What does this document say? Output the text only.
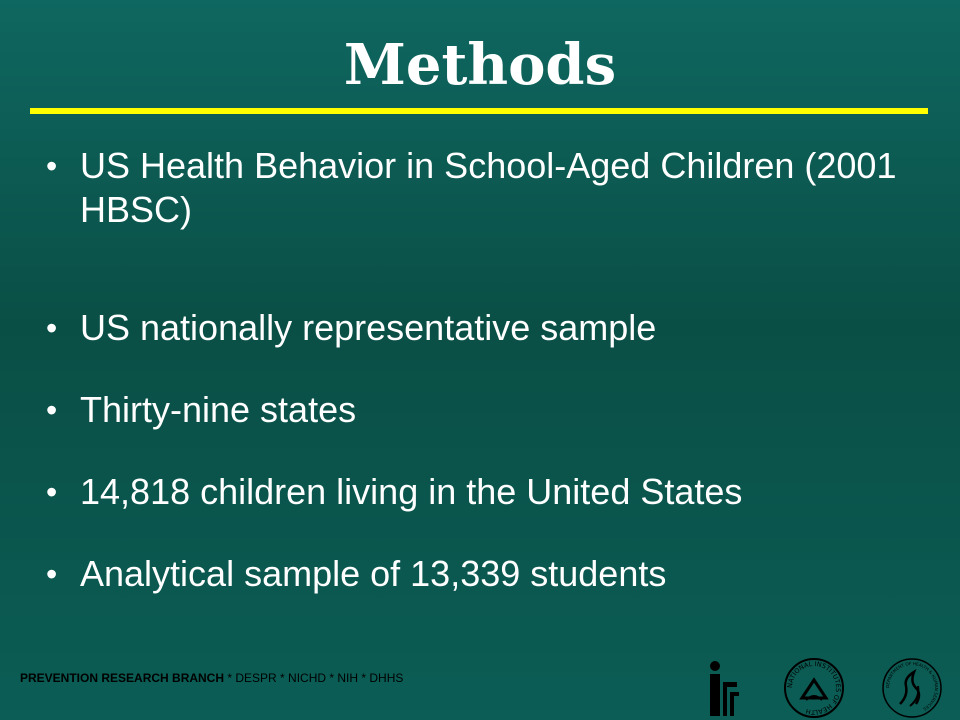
Methods
• US Health Behavior in School-Aged Children (2001 HBSC)
• US nationally representative sample
• Thirty-nine states
• 14,818 children living in the United States
• Analytical sample of 13,339 students
PREVENTION RESEARCH BRANCH * DESPR * NICHD * NIH * DHHS
NATIONAL INSTITUTES OF HEALTH
DEPARTMENT OF HEALTH & HUMAN SERVICES
